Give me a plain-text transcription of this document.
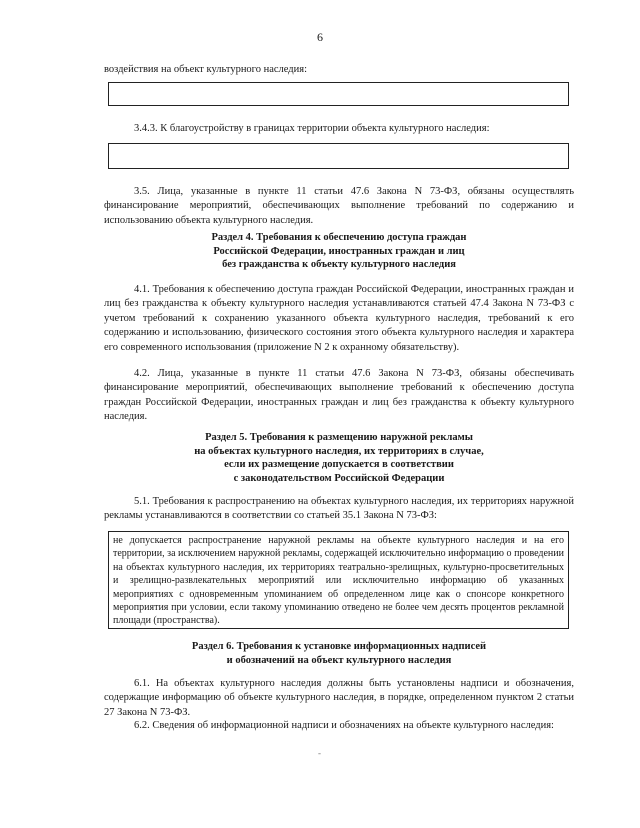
6
воздействия на объект культурного наследия:
3.4.3. К благоустройству в границах территории объекта культурного наследия:
3.5. Лица, указанные в пункте 11 статьи 47.6 Закона N 73-ФЗ, обязаны осуществлять финансирование мероприятий, обеспечивающих выполнение требований по содержанию и использованию объекта культурного наследия.
Раздел 4. Требования к обеспечению доступа граждан
Российской Федерации, иностранных граждан и лиц
без гражданства к объекту культурного наследия
4.1. Требования к обеспечению доступа граждан Российской Федерации, иностранных граждан и лиц без гражданства к объекту культурного наследия устанавливаются статьей 47.4 Закона N 73-ФЗ с учетом требований к сохранению указанного объекта культурного наследия, требований к его содержанию и использованию, физического состояния этого объекта культурного наследия и характера его современного использования (приложение N 2 к охранному обязательству).
4.2. Лица, указанные в пункте 11 статьи 47.6 Закона N 73-ФЗ, обязаны обеспечивать финансирование мероприятий, обеспечивающих выполнение требований к обеспечению доступа граждан Российской Федерации, иностранных граждан и лиц без гражданства к объекту культурного наследия.
Раздел 5. Требования к размещению наружной рекламы
на объектах культурного наследия, их территориях в случае,
если их размещение допускается в соответствии
с законодательством Российской Федерации
5.1. Требования к распространению на объектах культурного наследия, их территориях наружной рекламы устанавливаются в соответствии со статьей 35.1 Закона N 73-ФЗ:
не допускается распространение наружной рекламы на объекте культурного наследия и на его территории, за исключением наружной рекламы, содержащей исключительно информацию о проведении на объектах культурного наследия, их территориях театрально-зрелищных, культурно-просветительных и зрелищно-развлекательных мероприятий или исключительно информацию об указанных мероприятиях с одновременным упоминанием об определенном лице как о спонсоре конкретного мероприятия при условии, если такому упоминанию отведено не более чем десять процентов рекламной площади (пространства).
Раздел 6. Требования к установке информационных надписей
и обозначений на объект культурного наследия
6.1. На объектах культурного наследия должны быть установлены надписи и обозначения, содержащие информацию об объекте культурного наследия, в порядке, определенном пунктом 2 статьи 27 Закона N 73-ФЗ.
6.2. Сведения об информационной надписи и обозначениях на объекте культурного наследия:
-
